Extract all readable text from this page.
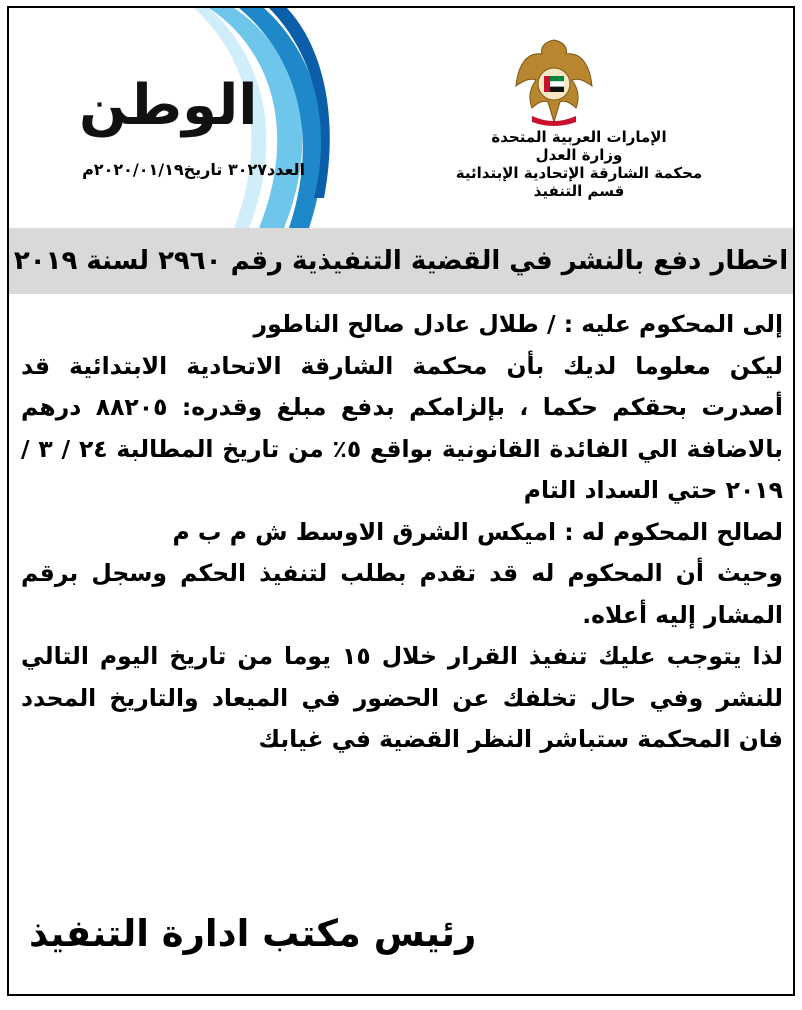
الوطن
العدد٣٠٢٧ تاريخ٢٠٢٠/٠١/١٩م
الإمارات العربية المتحدة
وزارة العدل
محكمة الشارقة الإتحادية الإبتدائية
قسم التنفيذ
اخطار دفع بالنشر في القضية التنفيذية رقم ٢٩٦٠ لسنة ٢٠١٩

إلى المحكوم عليه : / طلال عادل صالح الناطور

ليكن معلوما لديك بأن محكمة الشارقة الاتحادية الابتدائية قد أصدرت بحقكم حكما ، بإلزامكم بدفع مبلغ وقدره: ٨٨٢٠٥ درهم بالاضافة الي الفائدة القانونية بواقع ٥٪ من تاريخ المطالبة ٢٤ / ٣ / ٢٠١٩ حتي السداد التام

لصالح المحكوم له : اميكس الشرق الاوسط ش م ب م

وحيث أن المحكوم له قد تقدم بطلب لتنفيذ الحكم وسجل برقم المشار إليه أعلاه.

لذا يتوجب عليك تنفيذ القرار خلال ١٥ يوما من تاريخ اليوم التالي للنشر وفي حال تخلفك عن الحضور في الميعاد والتاريخ المحدد فان المحكمة ستباشر النظر القضية في غيابك

رئيس مكتب ادارة التنفيذ
